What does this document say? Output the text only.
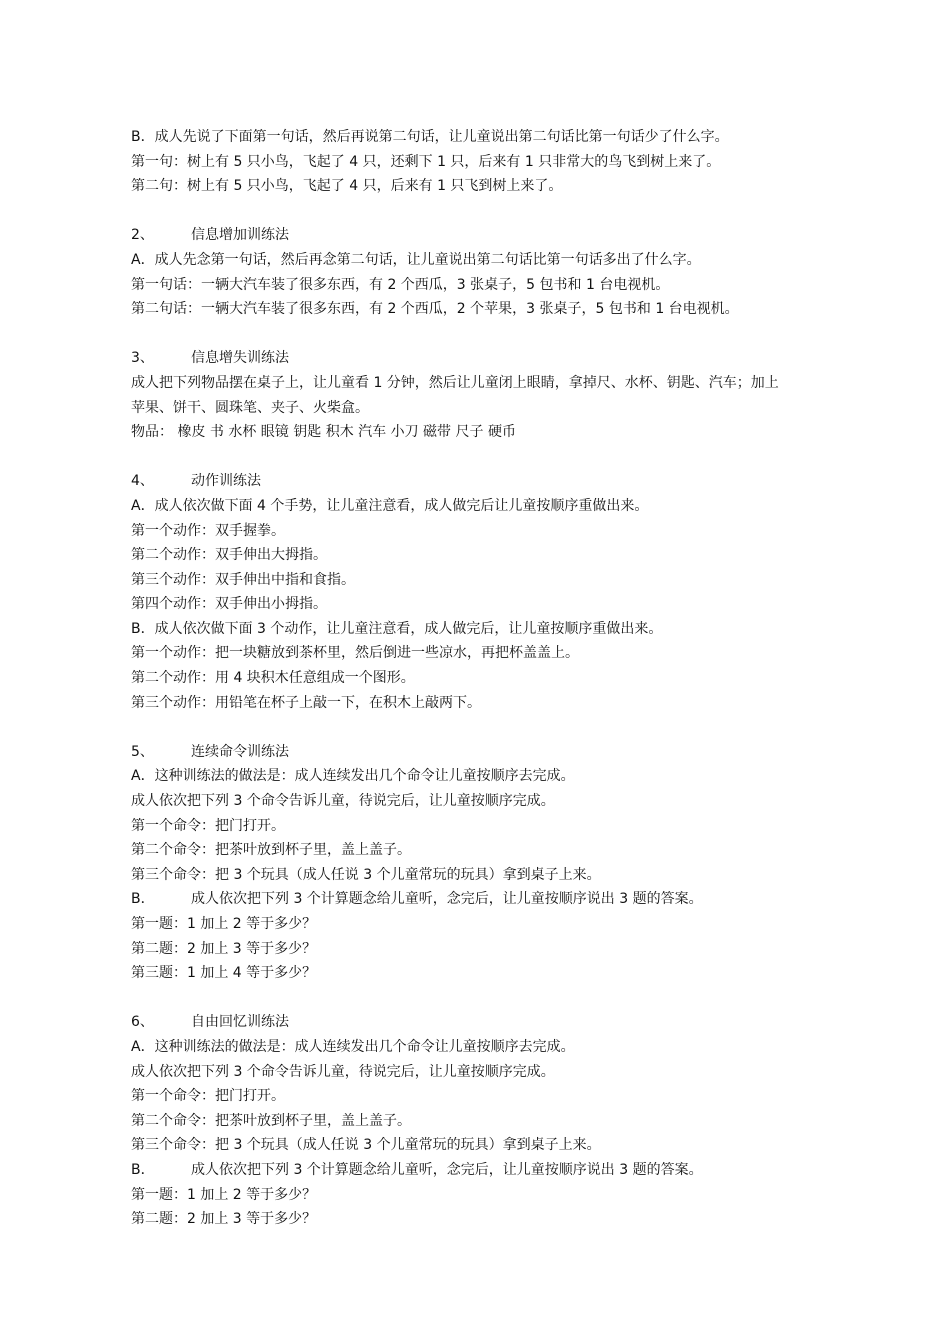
B．成人先说了下面第一句话，然后再说第二句话，让儿童说出第二句话比第一句话少了什么字。
第一句：树上有 5 只小鸟，飞起了 4 只，还剩下 1 只，后来有 1 只非常大的鸟飞到树上来了。
第二句：树上有 5 只小鸟，飞起了 4 只，后来有 1 只飞到树上来了。
2、	信息增加训练法
A．成人先念第一句话，然后再念第二句话，让儿童说出第二句话比第一句话多出了什么字。
第一句话：一辆大汽车装了很多东西，有 2 个西瓜，3 张桌子，5 包书和 1 台电视机。
第二句话：一辆大汽车装了很多东西，有 2 个西瓜，2 个苹果，3 张桌子，5 包书和 1 台电视机。
3、	信息增失训练法
成人把下列物品摆在桌子上，让儿童看 1 分钟，然后让儿童闭上眼睛，拿掉尺、水杯、钥匙、汽车；加上
苹果、饼干、圆珠笔、夹子、火柴盒。
物品： 橡皮 书 水杯 眼镜 钥匙 积木 汽车 小刀 磁带 尺子 硬币
4、	动作训练法
A．成人依次做下面 4 个手势，让儿童注意看，成人做完后让儿童按顺序重做出来。
第一个动作：双手握拳。
第二个动作：双手伸出大拇指。
第三个动作：双手伸出中指和食指。
第四个动作：双手伸出小拇指。
B．成人依次做下面 3 个动作，让儿童注意看，成人做完后，让儿童按顺序重做出来。
第一个动作：把一块糖放到茶杯里，然后倒进一些凉水，再把杯盖盖上。
第二个动作：用 4 块积木任意组成一个图形。
第三个动作：用铅笔在杯子上敲一下，在积木上敲两下。
5、	连续命令训练法
A．这种训练法的做法是：成人连续发出几个命令让儿童按顺序去完成。
成人依次把下列 3 个命令告诉儿童，待说完后，让儿童按顺序完成。
第一个命令：把门打开。
第二个命令：把茶叶放到杯子里，盖上盖子。
第三个命令：把 3 个玩具（成人任说 3 个儿童常玩的玩具）拿到桌子上来。
B．	成人依次把下列 3 个计算题念给儿童听，念完后，让儿童按顺序说出 3 题的答案。
第一题：1 加上 2 等于多少？
第二题：2 加上 3 等于多少？
第三题：1 加上 4 等于多少？
6、	自由回忆训练法
A．这种训练法的做法是：成人连续发出几个命令让儿童按顺序去完成。
成人依次把下列 3 个命令告诉儿童，待说完后，让儿童按顺序完成。
第一个命令：把门打开。
第二个命令：把茶叶放到杯子里，盖上盖子。
第三个命令：把 3 个玩具（成人任说 3 个儿童常玩的玩具）拿到桌子上来。
B．	成人依次把下列 3 个计算题念给儿童听，念完后，让儿童按顺序说出 3 题的答案。
第一题：1 加上 2 等于多少？
第二题：2 加上 3 等于多少？
